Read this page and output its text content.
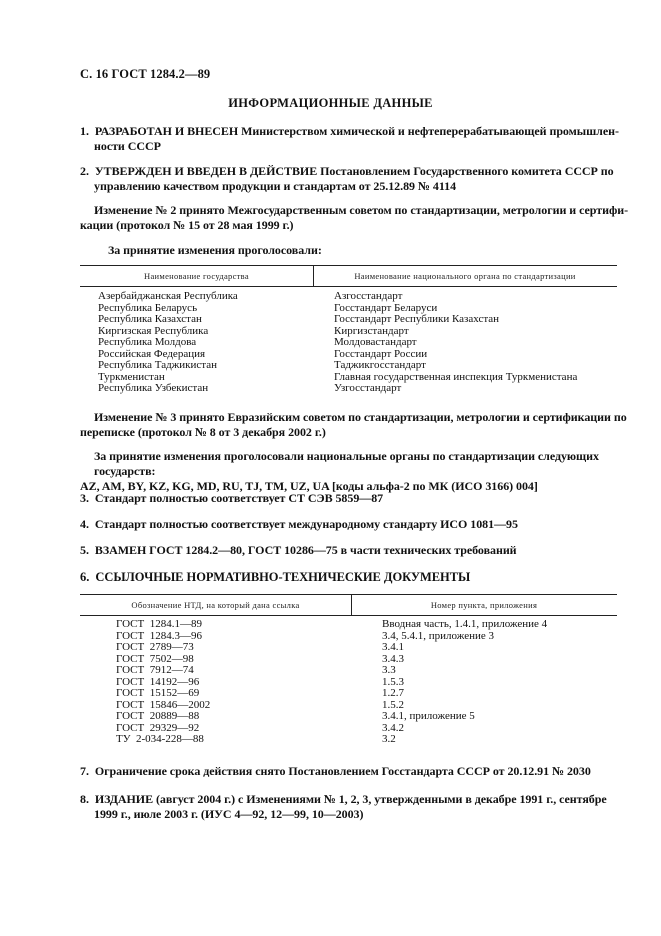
С. 16 ГОСТ 1284.2—89
ИНФОРМАЦИОННЫЕ ДАННЫЕ
1. РАЗРАБОТАН И ВНЕСЕН Министерством химической и нефтеперерабатывающей промышлен-
ности СССР
2. УТВЕРЖДЕН И ВВЕДЕН В ДЕЙСТВИЕ Постановлением Государственного комитета СССР по
управлению качеством продукции и стандартам от 25.12.89 № 4114
Изменение № 2 принято Межгосударственным советом по стандартизации, метрологии и сертифи-
кации (протокол № 15 от 28 мая 1999 г.)
За принятие изменения проголосовали:
Наименование государства	Наименование национального органа по стандартизации
Азербайджанская Республика
Республика Беларусь
Республика Казахстан
Киргизская Республика
Республика Молдова
Российская Федерация
Республика Таджикистан
Туркменистан
Республика Узбекистан
Азгосстандарт
Госстандарт Беларуси
Госстандарт Республики Казахстан
Киргизстандарт
Молдовастандарт
Госстандарт России
Таджикгосстандарт
Главная государственная инспекция Туркменистана
Узгосстандарт
Изменение № 3 принято Евразийским советом по стандартизации, метрологии и сертификации по
переписке (протокол № 8 от 3 декабря 2002 г.)
За принятие изменения проголосовали национальные органы по стандартизации следующих государств:
AZ, AM, BY, KZ, KG, MD, RU, TJ, TM, UZ, UA [коды альфа-2 по МК (ИСО 3166) 004]
3. Стандарт полностью соответствует СТ СЭВ 5859—87
4. Стандарт полностью соответствует международному стандарту ИСО 1081—95
5. ВЗАМЕН ГОСТ 1284.2—80, ГОСТ 10286—75 в части технических требований
6. ССЫЛОЧНЫЕ НОРМАТИВНО-ТЕХНИЧЕСКИЕ ДОКУМЕНТЫ
Обозначение НТД, на который дана ссылка	Номер пункта, приложения
ГОСТ  1284.1—89
ГОСТ  1284.3—96
ГОСТ  2789—73
ГОСТ  7502—98
ГОСТ  7912—74
ГОСТ  14192—96
ГОСТ  15152—69
ГОСТ  15846—2002
ГОСТ  20889—88
ГОСТ  29329—92
ТУ  2-034-228—88
Вводная часть, 1.4.1, приложение 4
3.4, 5.4.1, приложение 3
3.4.1
3.4.3
3.3
1.5.3
1.2.7
1.5.2
3.4.1, приложение 5
3.4.2
3.2
7. Ограничение срока действия снято Постановлением Госстандарта СССР от 20.12.91 № 2030
8. ИЗДАНИЕ (август 2004 г.) с Изменениями № 1, 2, 3, утвержденными в декабре 1991 г., сентябре
1999 г., июле 2003 г. (ИУС 4—92, 12—99, 10—2003)
